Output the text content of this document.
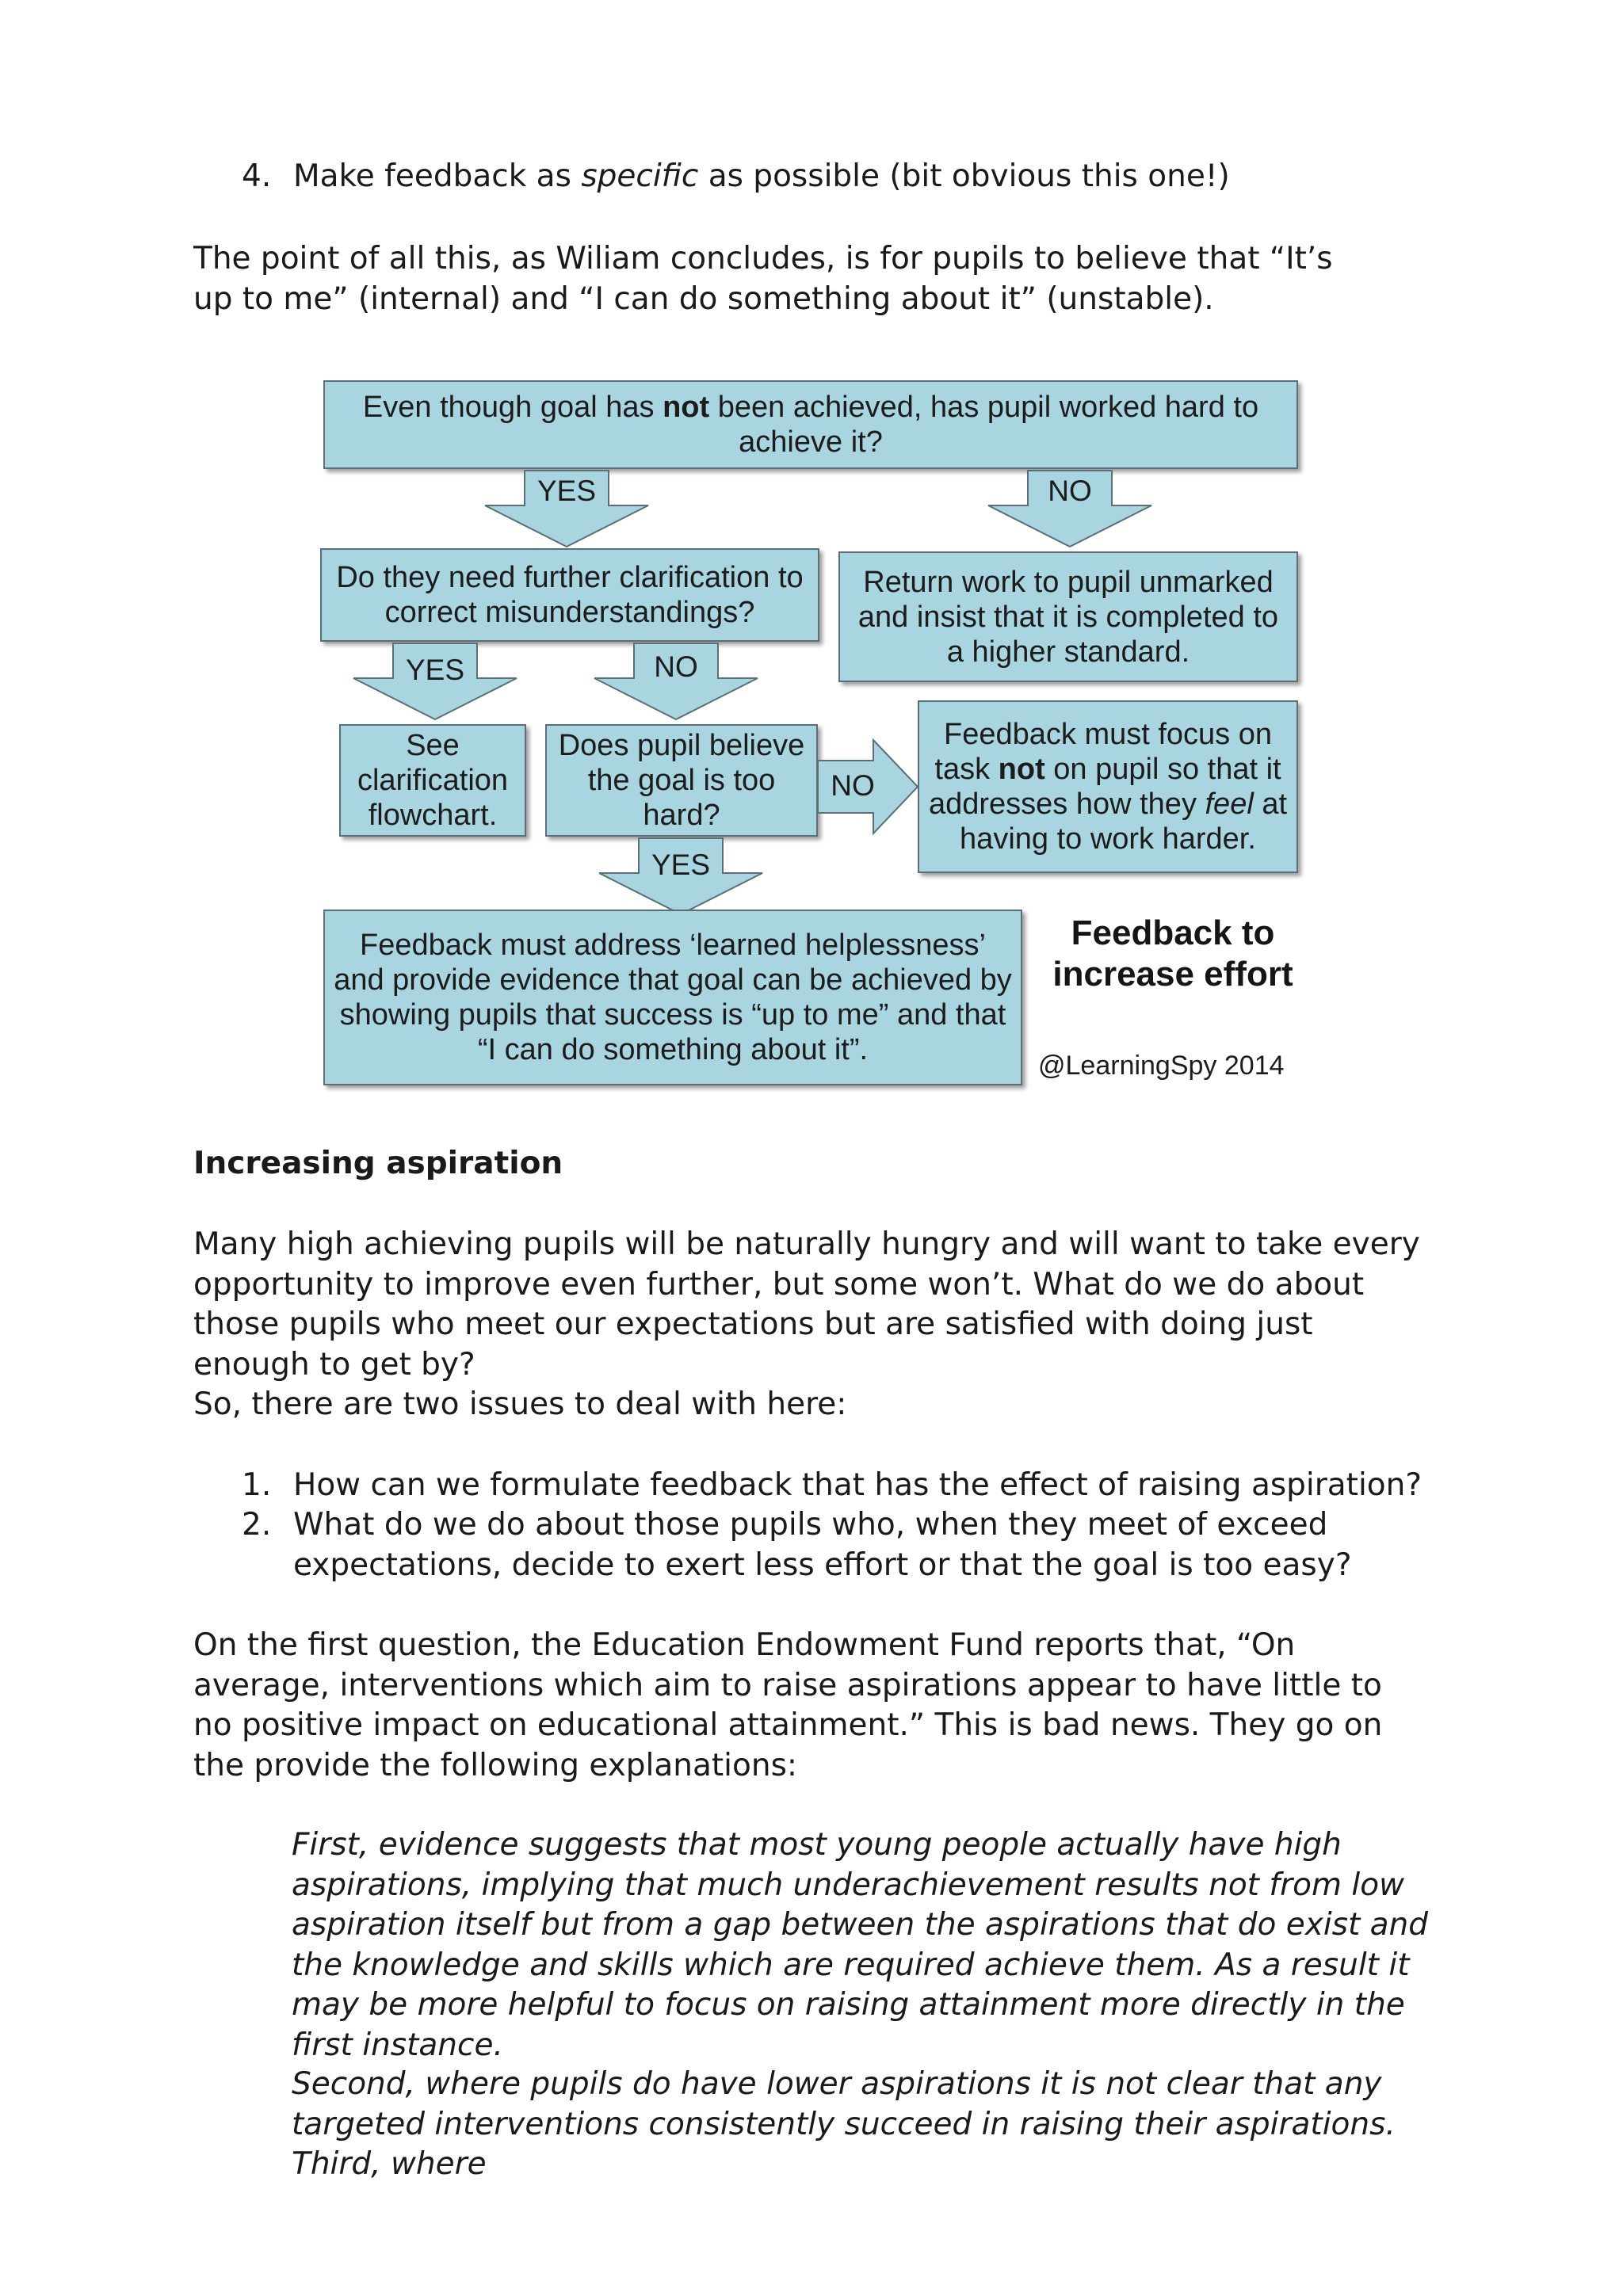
4. Make feedback as specific as possible (bit obvious this one!)
The point of all this, as Wiliam concludes, is for pupils to believe that “It’s up to me” (internal) and “I can do something about it” (unstable).
Even though goal has not been achieved, has pupil worked hard to achieve it?
YES	NO
Do they need further clarification to correct misunderstandings?
Return work to pupil unmarked and insist that it is completed to a higher standard.
YES	NO
See clarification flowchart.
Does pupil believe the goal is too hard?
NO
Feedback must focus on task not on pupil so that it addresses how they feel at having to work harder.
YES
Feedback must address ‘learned helplessness’ and provide evidence that goal can be achieved by showing pupils that success is “up to me” and that “I can do something about it”.
Feedback to increase effort
@LearningSpy 2014
Increasing aspiration
Many high achieving pupils will be naturally hungry and will want to take every opportunity to improve even further, but some won’t. What do we do about those pupils who meet our expectations but are satisfied with doing just enough to get by?
So, there are two issues to deal with here:
1. How can we formulate feedback that has the effect of raising aspiration?
2. What do we do about those pupils who, when they meet of exceed expectations, decide to exert less effort or that the goal is too easy?
On the first question, the Education Endowment Fund reports that, “On average, interventions which aim to raise aspirations appear to have little to no positive impact on educational attainment.” This is bad news. They go on the provide the following explanations:
First, evidence suggests that most young people actually have high aspirations, implying that much underachievement results not from low aspiration itself but from a gap between the aspirations that do exist and the knowledge and skills which are required achieve them. As a result it may be more helpful to focus on raising attainment more directly in the first instance.
Second, where pupils do have lower aspirations it is not clear that any targeted interventions consistently succeed in raising their aspirations. Third, where
